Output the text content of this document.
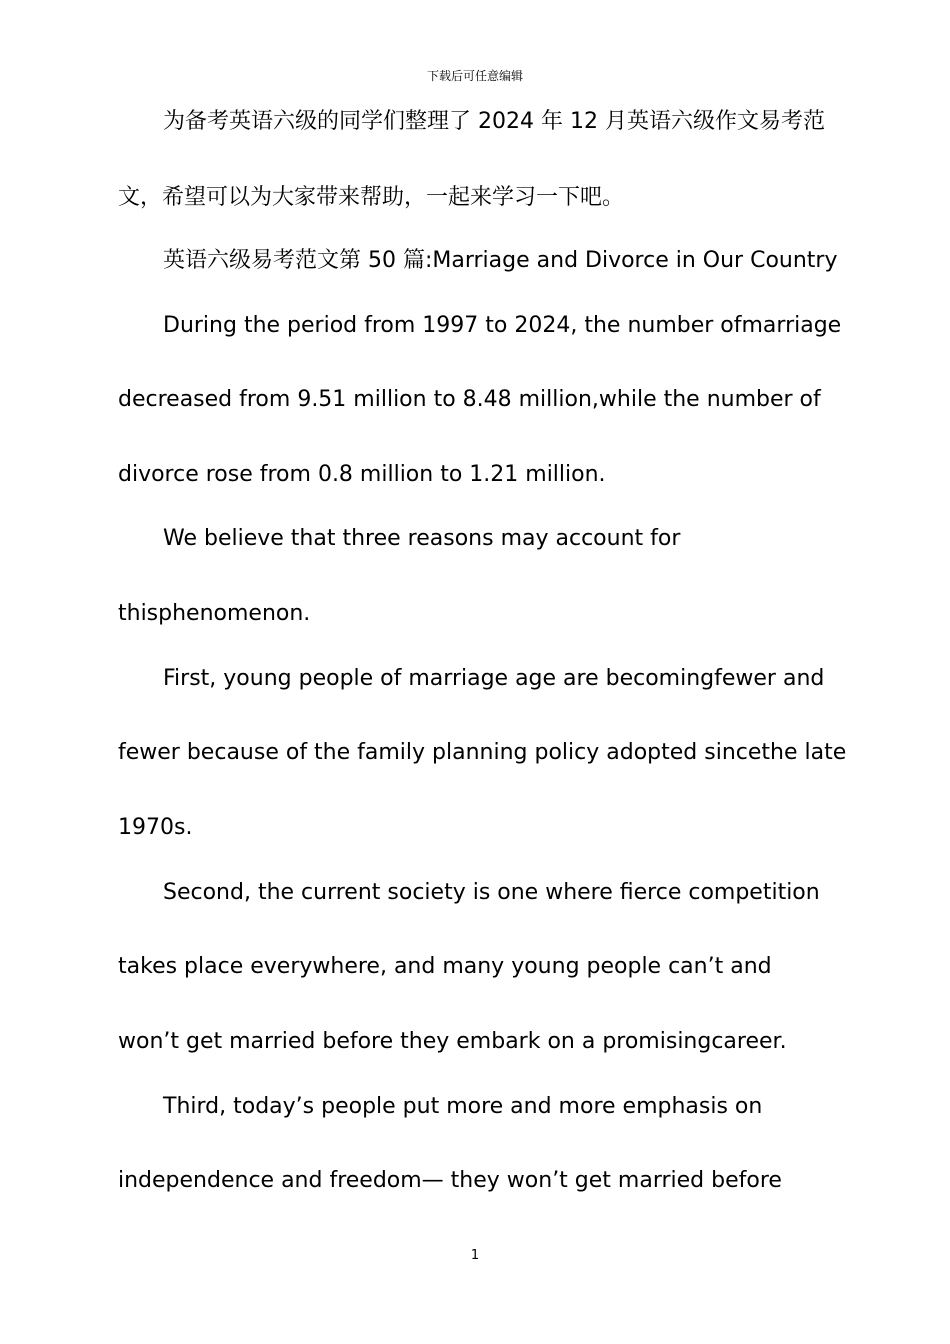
下载后可任意编辑
为备考英语六级的同学们整理了 2024 年 12 月英语六级作文易考范
文，希望可以为大家带来帮助，一起来学习一下吧。
英语六级易考范文第 50 篇:Marriage and Divorce in Our Country
During the period from 1997 to 2024, the number ofmarriage
decreased from 9.51 million to 8.48 million,while the number of
divorce rose from 0.8 million to 1.21 million.
We believe that three reasons may account for
thisphenomenon.
First, young people of marriage age are becomingfewer and
fewer because of the family planning policy adopted sincethe late
1970s.
Second, the current society is one where fierce competition
takes place everywhere, and many young people can’t and
won’t get married before they embark on a promisingcareer.
Third, today’s people put more and more emphasis on
independence and freedom— they won’t get married before
1
